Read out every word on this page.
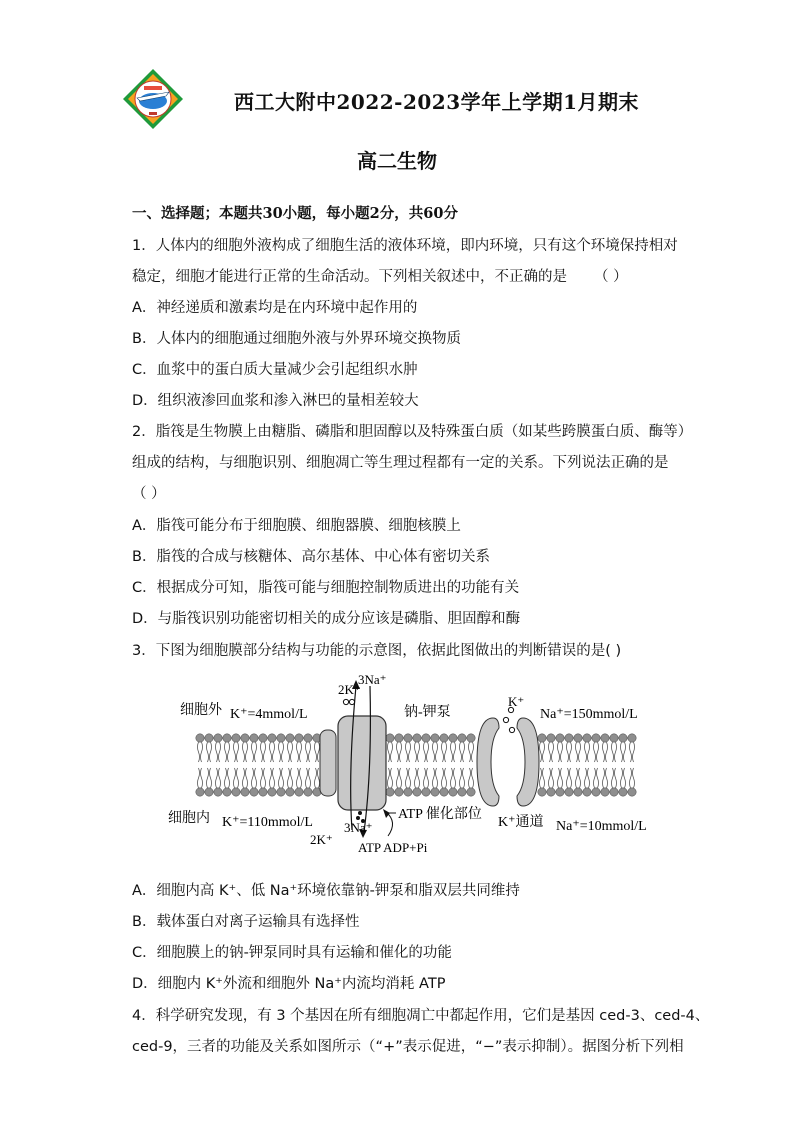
西工大附中2022-2023学年上学期1月期末
高二生物
一、选择题；本题共30小题，每小题2分，共60分
1．人体内的细胞外液构成了细胞生活的液体环境，即内环境，只有这个环境保持相对
稳定，细胞才能进行正常的生命活动。下列相关叙述中，不正确的是 （ ）
A．神经递质和激素均是在内环境中起作用的
B．人体内的细胞通过细胞外液与外界环境交换物质
C．血浆中的蛋白质大量减少会引起组织水肿
D．组织液渗回血浆和渗入淋巴的量相差较大
2．脂筏是生物膜上由糖脂、磷脂和胆固醇以及特殊蛋白质（如某些跨膜蛋白质、酶等）
组成的结构，与细胞识别、细胞凋亡等生理过程都有一定的关系。下列说法正确的是
（ ）
A．脂筏可能分布于细胞膜、细胞器膜、细胞核膜上
B．脂筏的合成与核糖体、高尔基体、中心体有密切关系
C．根据成分可知，脂筏可能与细胞控制物质进出的功能有关
D．与脂筏识别功能密切相关的成分应该是磷脂、胆固醇和酶
3．下图为细胞膜部分结构与功能的示意图，依据此图做出的判断错误的是( )
细胞外 K⁺=4mmol/L
2K⁺
3Na⁺
钠-钾泵
K⁺
Na⁺=150mmol/L
细胞内 K⁺=110mmol/L
ATP 催化部位
K⁺通道 Na⁺=10mmol/L
2K⁺
3Na⁺
ATP ADP+Pi
A．细胞内高 K⁺、低 Na⁺环境依靠钠-钾泵和脂双层共同维持
B．载体蛋白对离子运输具有选择性
C．细胞膜上的钠-钾泵同时具有运输和催化的功能
D．细胞内 K⁺外流和细胞外 Na⁺内流均消耗 ATP
4．科学研究发现，有 3 个基因在所有细胞凋亡中都起作用，它们是基因 ced-3、ced-4、
ced-9，三者的功能及关系如图所示（“+”表示促进，“−”表示抑制）。据图分析下列相
